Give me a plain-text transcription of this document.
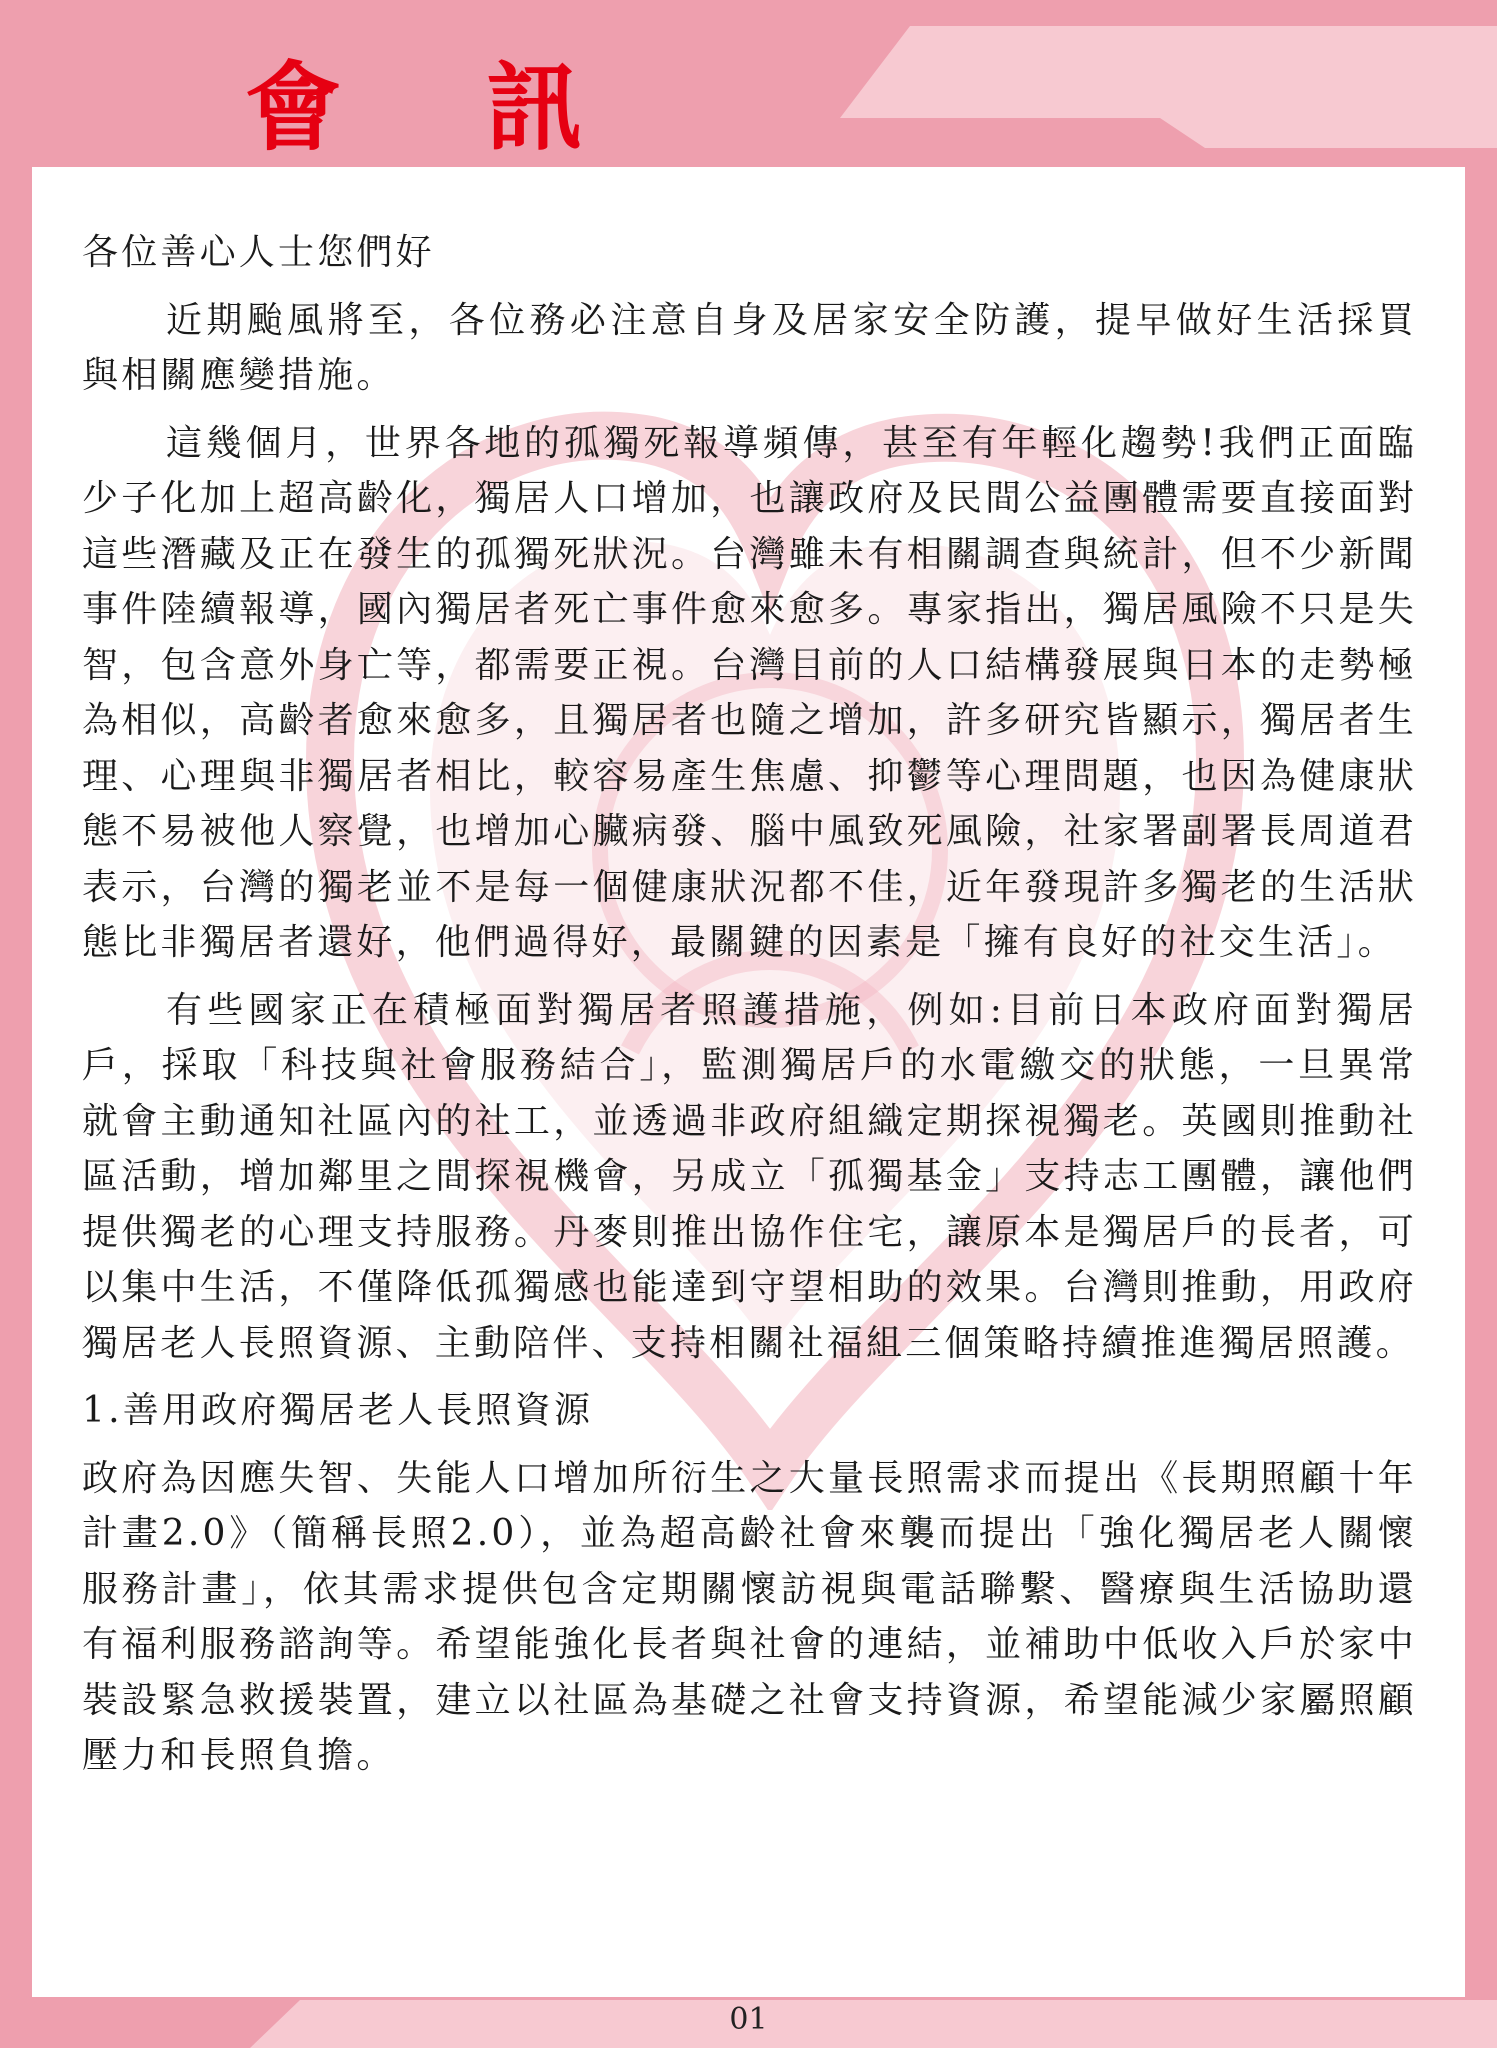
會 訊

各位善心人士您們好

近期颱風將至，各位務必注意自身及居家安全防護，提早做好生活採買與相關應變措施。

這幾個月，世界各地的孤獨死報導頻傳，甚至有年輕化趨勢!我們正面臨少子化加上超高齡化，獨居人口增加，也讓政府及民間公益團體需要直接面對這些潛藏及正在發生的孤獨死狀況。台灣雖未有相關調查與統計，但不少新聞事件陸續報導，國內獨居者死亡事件愈來愈多。專家指出，獨居風險不只是失智，包含意外身亡等，都需要正視。台灣目前的人口結構發展與日本的走勢極為相似，高齡者愈來愈多，且獨居者也隨之增加，許多研究皆顯示，獨居者生理、心理與非獨居者相比，較容易產生焦慮、抑鬱等心理問題，也因為健康狀態不易被他人察覺，也增加心臟病發、腦中風致死風險，社家署副署長周道君表示，台灣的獨老並不是每一個健康狀況都不佳，近年發現許多獨老的生活狀態比非獨居者還好，他們過得好，最關鍵的因素是「擁有良好的社交生活」。

有些國家正在積極面對獨居者照護措施，例如:目前日本政府面對獨居戶，採取「科技與社會服務結合」，監測獨居戶的水電繳交的狀態，一旦異常就會主動通知社區內的社工，並透過非政府組織定期探視獨老。英國則推動社區活動，增加鄰里之間探視機會，另成立「孤獨基金」支持志工團體，讓他們提供獨老的心理支持服務。丹麥則推出協作住宅，讓原本是獨居戶的長者，可以集中生活，不僅降低孤獨感也能達到守望相助的效果。台灣則推動，用政府獨居老人長照資源、主動陪伴、支持相關社福組三個策略持續推進獨居照護。

1.善用政府獨居老人長照資源

政府為因應失智、失能人口增加所衍生之大量長照需求而提出《長期照顧十年計畫2.0》（簡稱長照2.0），並為超高齡社會來襲而提出「強化獨居老人關懷服務計畫」，依其需求提供包含定期關懷訪視與電話聯繫、醫療與生活協助還有福利服務諮詢等。希望能強化長者與社會的連結，並補助中低收入戶於家中裝設緊急救援裝置，建立以社區為基礎之社會支持資源，希望能減少家屬照顧壓力和長照負擔。

01
